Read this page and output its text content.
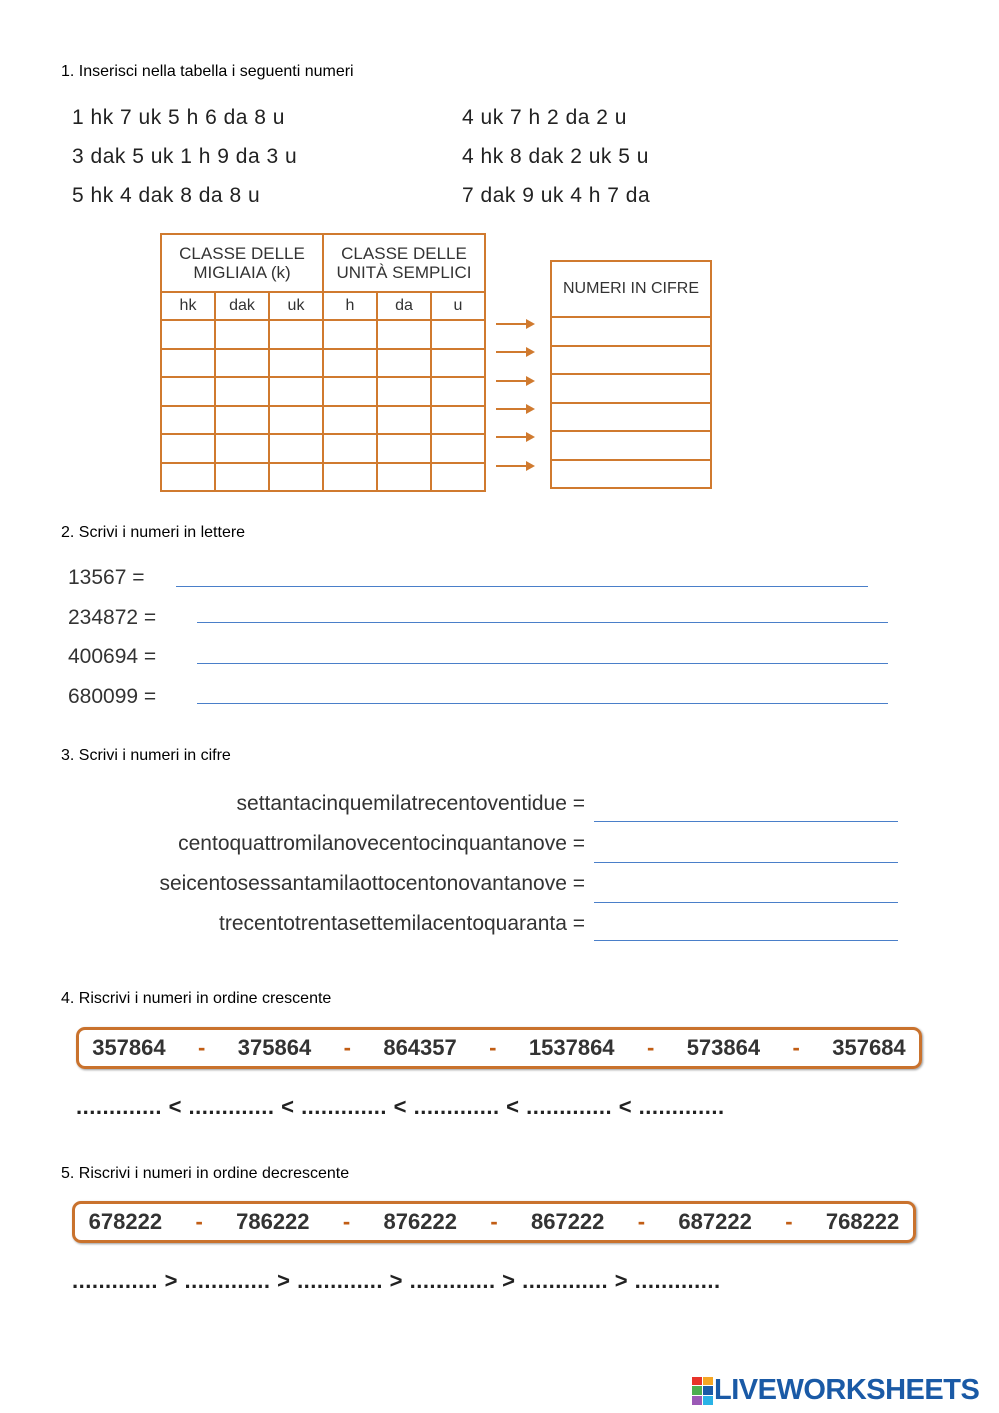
1. Inserisci nella tabella i seguenti numeri
1 hk 7 uk 5 h 6 da 8 u
3 dak 5 uk 1 h 9 da 3 u
5 hk 4 dak 8 da 8 u
4 uk 7 h 2 da 2 u
4 hk 8 dak 2 uk 5 u
7 dak 9 uk 4 h 7 da
CLASSE DELLE MIGLIAIA (k)			CLASSE DELLE UNITÀ SEMPLICI		
hk	dak	uk	h	da	u

NUMERI IN CIFRE

2. Scrivi i numeri in lettere
13567 =
234872 =
400694 =
680099 =
3. Scrivi i numeri in cifre
settantacinquemilatrecentoventidue =
centoquattromilanovecentocinquantanove =
seicentosessantamilaottocentonovantanove =
trecentotrentasettemilacentoquaranta =
4. Riscrivi i numeri in ordine crescente
357864 - 375864 - 864357 - 1537864 - 573864 - 357684
............. < ............. < ............. < ............. < ............. < .............
5. Riscrivi i numeri in ordine decrescente
678222 - 786222 - 876222 - 867222 - 687222 - 768222
............. > ............. > ............. > ............. > ............. > .............
LIVEWORKSHEETS
